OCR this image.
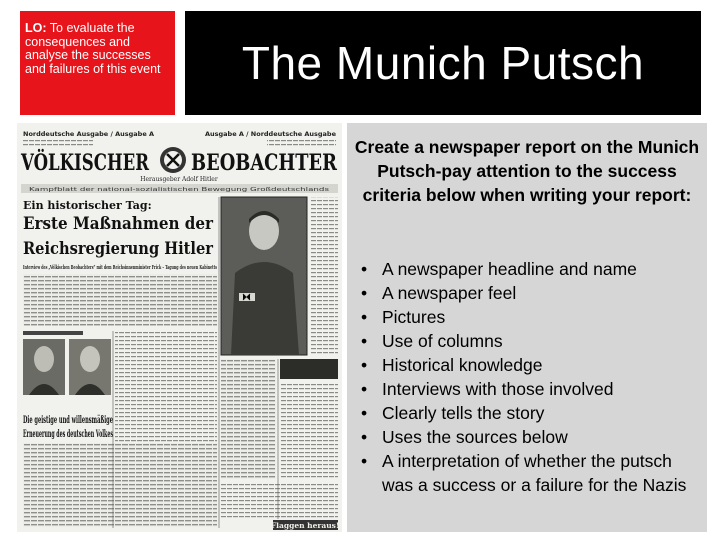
LO: To evaluate the consequences and analyse the successes and failures of this event	The Munich Putsch
Norddeutsche Ausgabe / Ausgabe A	Ausgabe A / Norddeutsche Ausgabe
VÖLKISCHER BEOBACHTER
Herausgeber Adolf Hitler
Kampfblatt der national-sozialistischen Bewegung Großdeutschlands
Ein historischer Tag:
Erste Maßnahmen der
Reichsregierung Hitler
Interview des „Völkischen Beobachters“ mit dem Reichsinnenminister Frick – Tagung des neuen Kabinetts
Die geistige und willensmäßige
Erneuerung des deutschen Volkes
Flaggen heraus!

Create a newspaper report on the Munich Putsch-pay attention to the success criteria below when writing your report:

• A newspaper headline and name
• A newspaper feel
• Pictures
• Use of columns
• Historical knowledge
• Interviews with those involved
• Clearly tells the story
• Uses the sources below
• A interpretation of whether the putsch was a success or a failure for the Nazis
